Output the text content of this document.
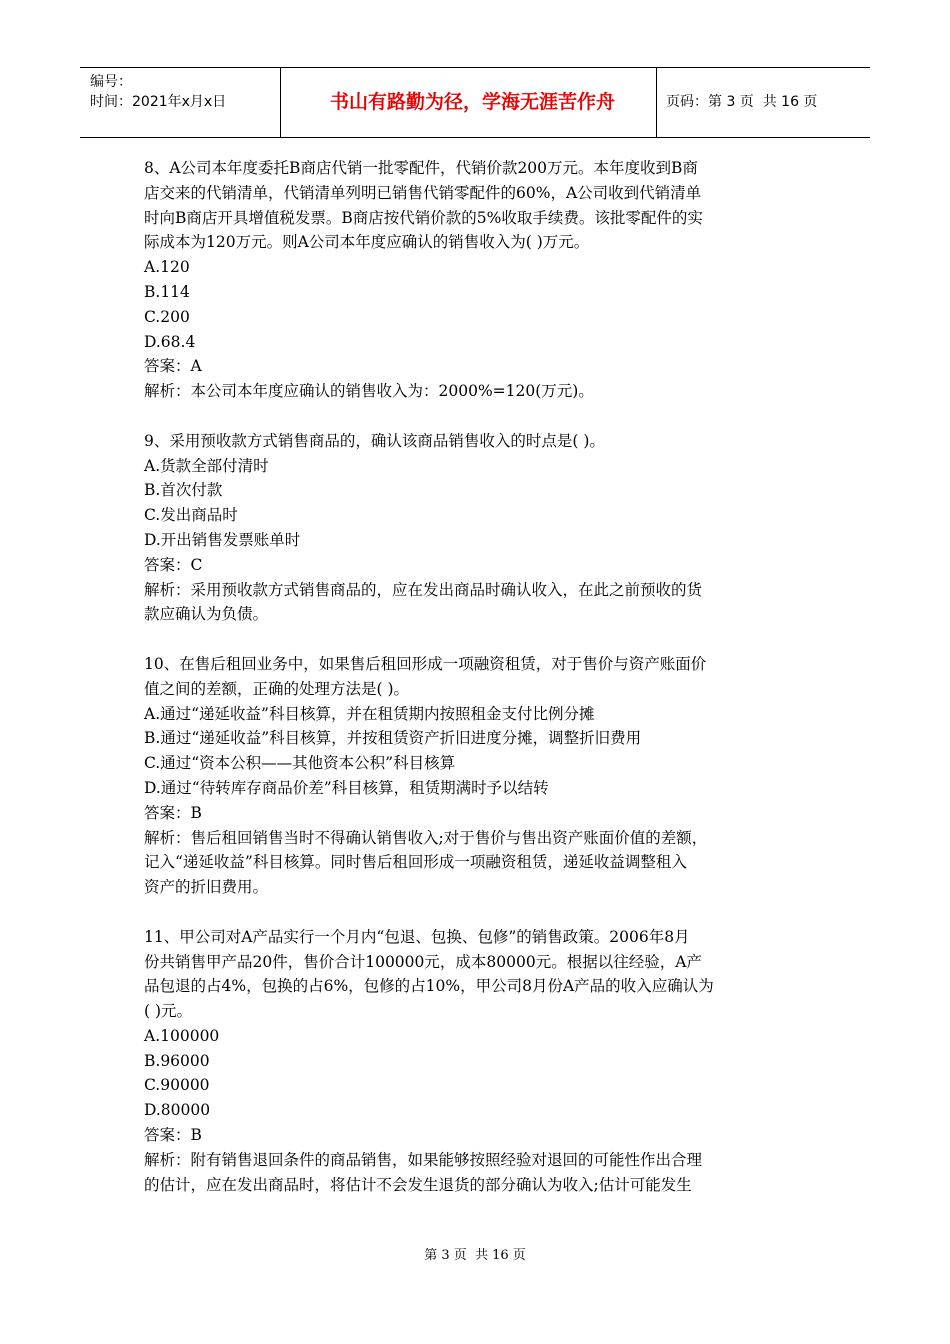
编号：
时间：2021年x月x日	书山有路勤为径，学海无涯苦作舟	页码：第 3 页  共 16 页
8、A公司本年度委托B商店代销一批零配件，代销价款200万元。本年度收到B商
店交来的代销清单，代销清单列明已销售代销零配件的60%，A公司收到代销清单
时向B商店开具增值税发票。B商店按代销价款的5%收取手续费。该批零配件的实
际成本为120万元。则A公司本年度应确认的销售收入为( )万元。
A.120
B.114
C.200
D.68.4
答案：A
解析：本公司本年度应确认的销售收入为：2000%=120(万元)。
9、采用预收款方式销售商品的，确认该商品销售收入的时点是( )。
A.货款全部付清时
B.首次付款
C.发出商品时
D.开出销售发票账单时
答案：C
解析：采用预收款方式销售商品的，应在发出商品时确认收入，在此之前预收的货
款应确认为负债。
10、在售后租回业务中，如果售后租回形成一项融资租赁，对于售价与资产账面价
值之间的差额，正确的处理方法是( )。
A.通过“递延收益”科目核算，并在租赁期内按照租金支付比例分摊
B.通过“递延收益”科目核算，并按租赁资产折旧进度分摊，调整折旧费用
C.通过“资本公积——其他资本公积”科目核算
D.通过“待转库存商品价差”科目核算，租赁期满时予以结转
答案：B
解析：售后租回销售当时不得确认销售收入;对于售价与售出资产账面价值的差额，
记入“递延收益”科目核算。同时售后租回形成一项融资租赁，递延收益调整租入
资产的折旧费用。
11、甲公司对A产品实行一个月内“包退、包换、包修”的销售政策。2006年8月
份共销售甲产品20件，售价合计100000元，成本80000元。根据以往经验，A产
品包退的占4%，包换的占6%，包修的占10%，甲公司8月份A产品的收入应确认为
( )元。
A.100000
B.96000
C.90000
D.80000
答案：B
解析：附有销售退回条件的商品销售，如果能够按照经验对退回的可能性作出合理
的估计，应在发出商品时，将估计不会发生退货的部分确认为收入;估计可能发生
第 3 页  共 16 页
